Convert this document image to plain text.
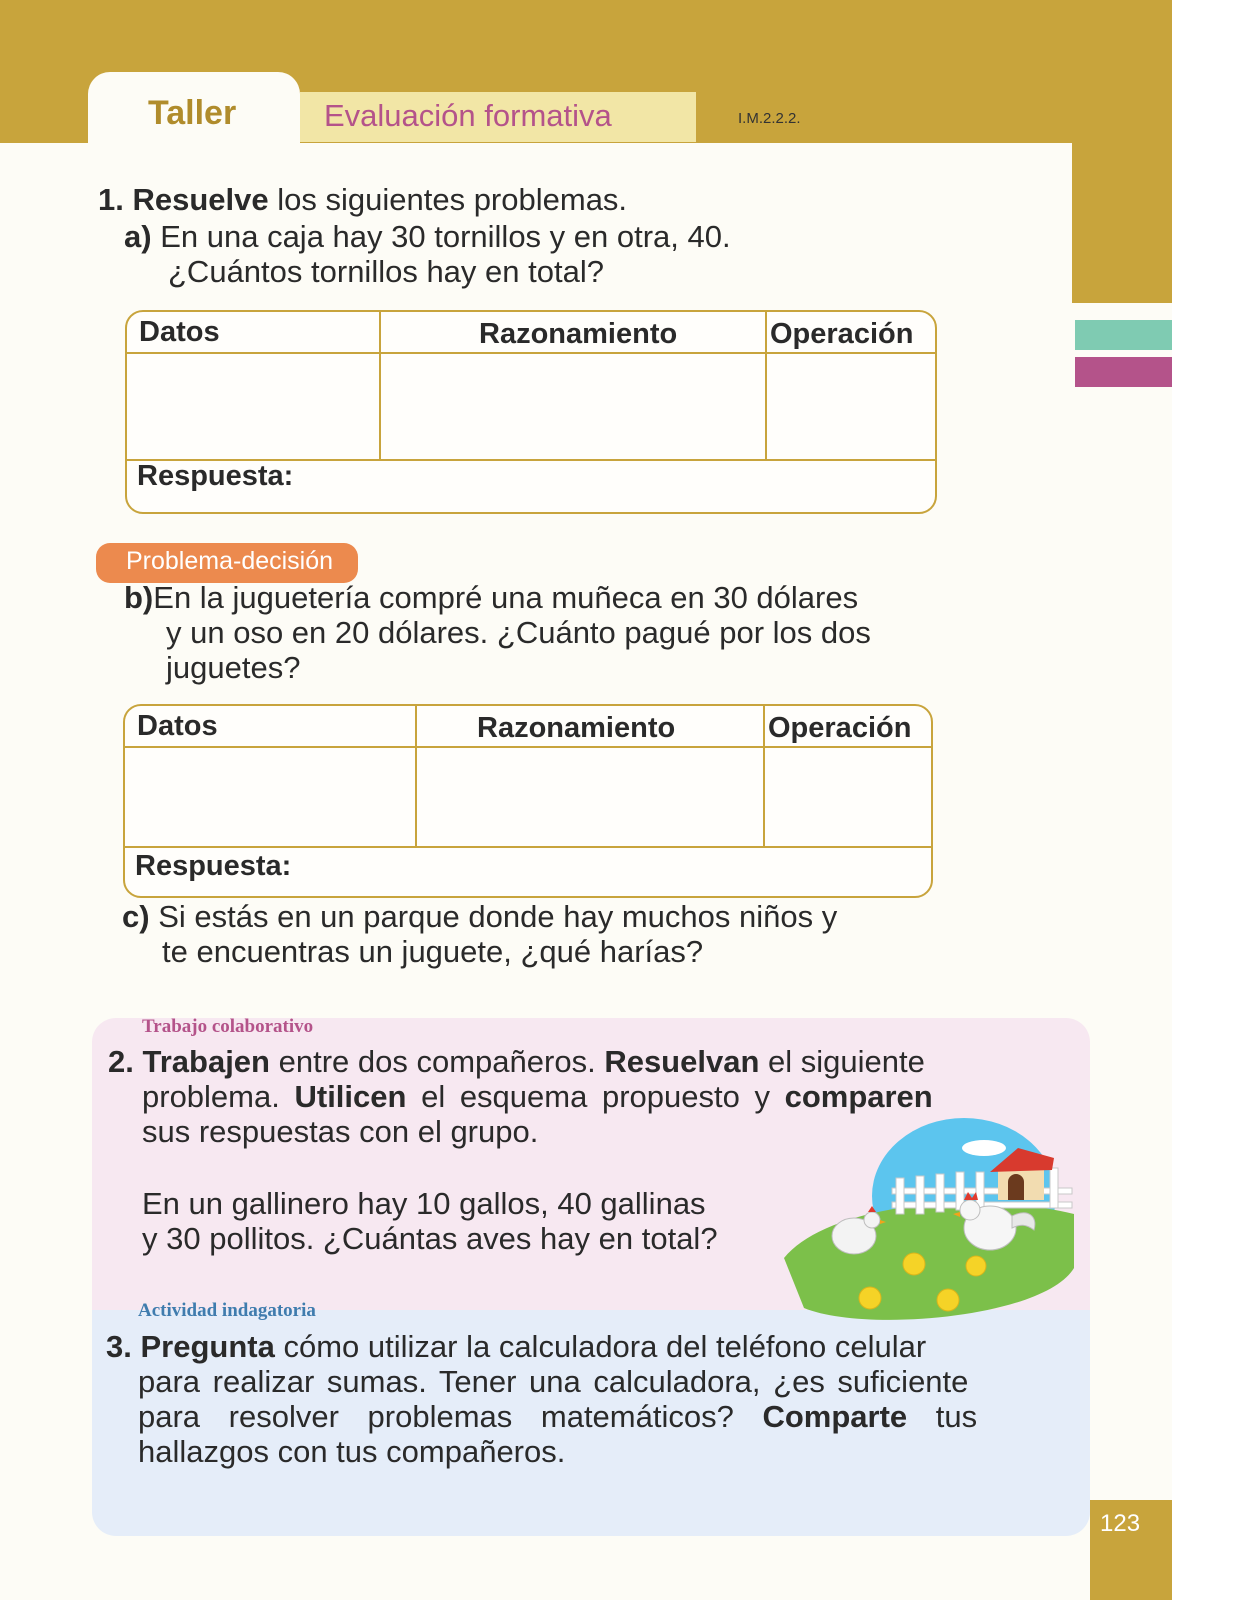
Taller	Evaluación formativa	I.M.2.2.2.
1. Resuelve los siguientes problemas.
a) En una caja hay 30 tornillos y en otra, 40.
¿Cuántos tornillos hay en total?
Datos	Razonamiento	Operación
Respuesta:
Problema-decisión
b)En la juguetería compré una muñeca en 30 dólares
y un oso en 20 dólares. ¿Cuánto pagué por los dos
juguetes?
Datos	Razonamiento	Operación
Respuesta:
c) Si estás en un parque donde hay muchos niños y
te encuentras un juguete, ¿qué harías?
Trabajo colaborativo
2. Trabajen entre dos compañeros. Resuelvan el siguiente
problema. Utilicen el esquema propuesto y comparen
sus respuestas con el grupo.
En un gallinero hay 10 gallos, 40 gallinas
y 30 pollitos. ¿Cuántas aves hay en total?
Actividad indagatoria
3. Pregunta cómo utilizar la calculadora del teléfono celular
para realizar sumas. Tener una calculadora, ¿es suficiente
para resolver problemas matemáticos? Comparte tus
hallazgos con tus compañeros.
123
